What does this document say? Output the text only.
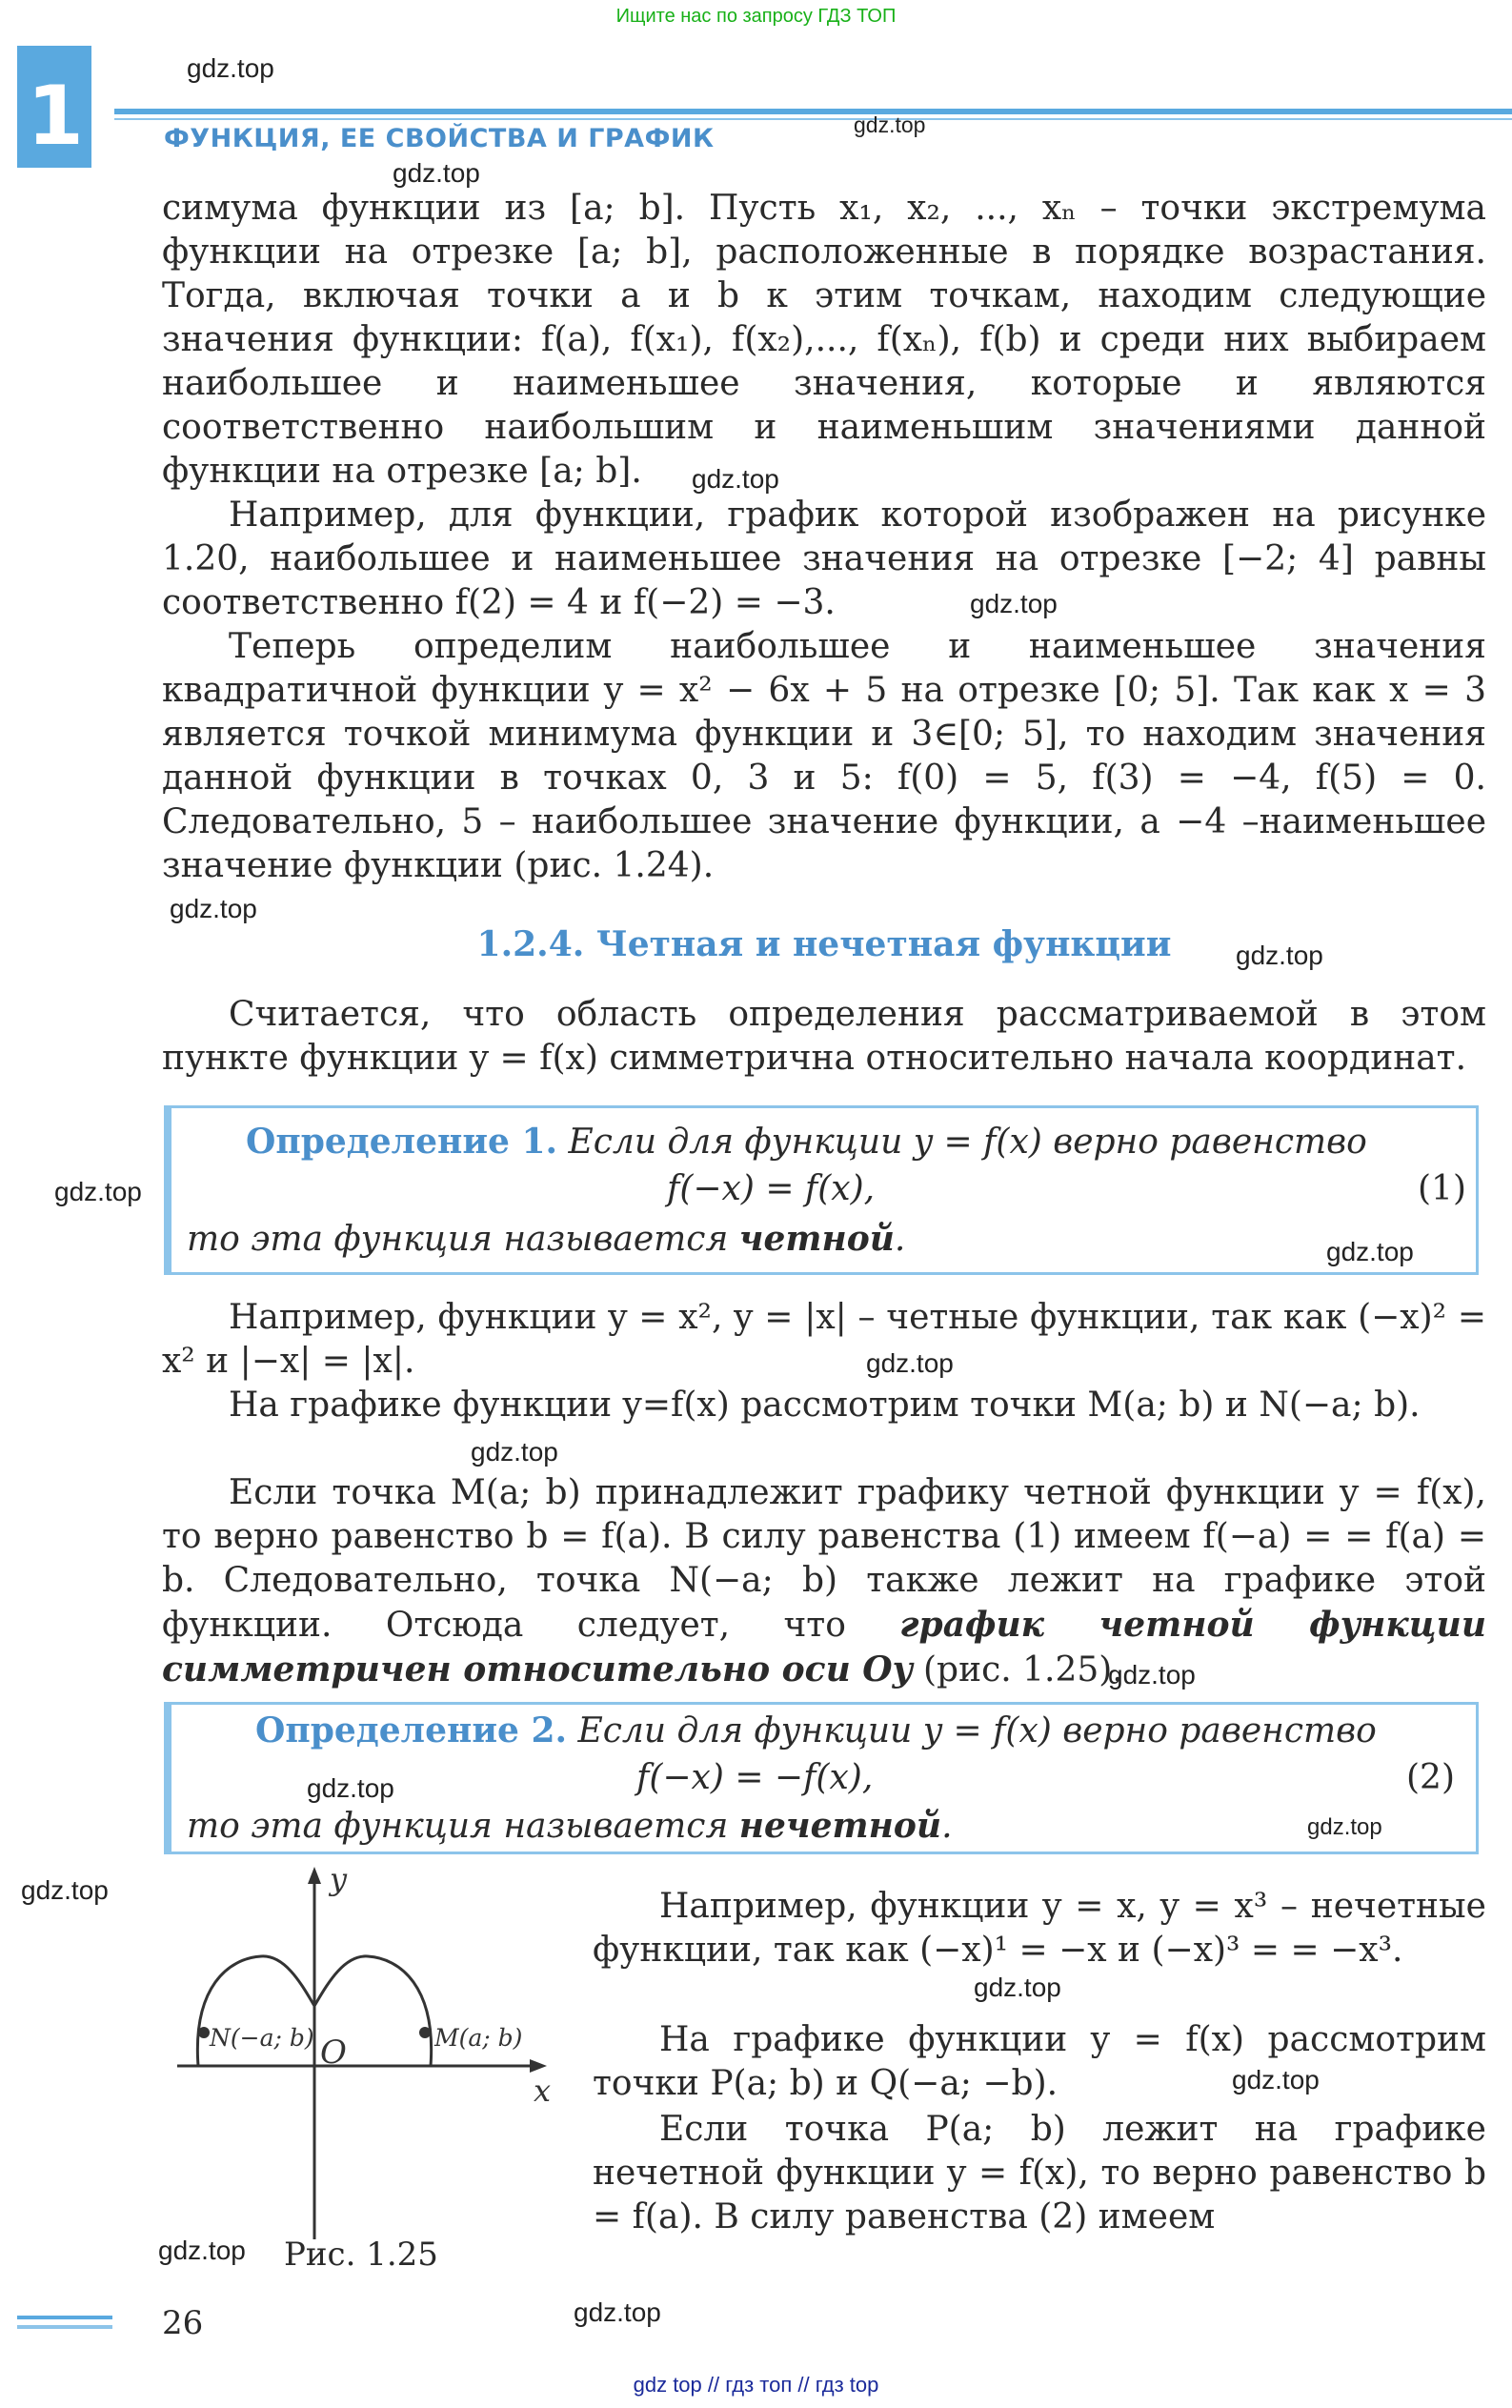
Ищите нас по запросу ГДЗ ТОП
1	ФУНКЦИЯ, ЕЕ СВОЙСТВА И ГРАФИК
gdz.top
gdz.top
gdz.top
gdz.top
gdz.top
gdz.top
gdz.top
gdz.top
gdz.top
gdz.top
gdz.top
gdz.top
gdz.top
gdz.top
gdz.top
gdz.top
gdz.top
gdz.top
gdz.top

симума функции из [a; b]. Пусть x₁, x₂, ..., xₙ – точки экстремума функции на отрезке [a; b], расположенные в порядке возрастания. Тогда, включая точки a и b к этим точкам, находим следующие значения функции: f(a), f(x₁), f(x₂),..., f(xₙ), f(b) и среди них выбираем наибольшее и наименьшее значения, которые и являются соответственно наибольшим и наименьшим значениями данной функции на отрезке [a; b].

Например, для функции, график которой изображен на рисунке 1.20, наибольшее и наименьшее значения на отрезке [−2; 4] равны соответственно f(2) = 4 и f(−2) = −3.

Теперь определим наибольшее и наименьшее значения квадратичной функции y = x² − 6x + 5 на отрезке [0; 5]. Так как x = 3 является точкой минимума функции и 3∈[0; 5], то находим значения данной функции в точках 0, 3 и 5: f(0) = 5, f(3) = −4, f(5) = 0. Следовательно, 5 – наибольшее значение функции, а −4 –наименьшее значение функции (рис. 1.24).

1.2.4. Четная и нечетная функции

Считается, что область определения рассматриваемой в этом пункте функции y = f(x) симметрична относительно начала координат.

Определение 1. Если для функции y = f(x) верно равенство
f(−x) = f(x),	(1)
то эта функция называется четной.

Например, функции y = x², y = |x| – четные функции, так как (−x)² = x² и |−x| = |x|.

На графике функции y=f(x) рассмотрим точки M(a; b) и N(−a; b).

Если точка M(a; b) принадлежит графику четной функции y = f(x), то верно равенство b = f(a). В силу равенства (1) имеем f(−a) = = f(a) = b. Следовательно, точка N(−a; b) также лежит на графике этой функции. Отсюда следует, что график четной функции симметричен относительно оси Oy (рис. 1.25).

Определение 2. Если для функции y = f(x) верно равенство
f(−x) = −f(x),	(2)
то эта функция называется нечетной.
y
x
O
N(−a; b)	M(a; b)
Рис. 1.25

Например, функции y = x, y = x³ – нечетные функции, так как (−x)¹ = −x и (−x)³ = = −x³.

На графике функции y = f(x) рассмотрим точки P(a; b) и Q(−a; −b).

Если точка P(a; b) лежит на графике нечетной функции y = f(x), то верно равенство b = f(a). В силу равенства (2) имеем

26
gdz top // гдз топ // гдз top
